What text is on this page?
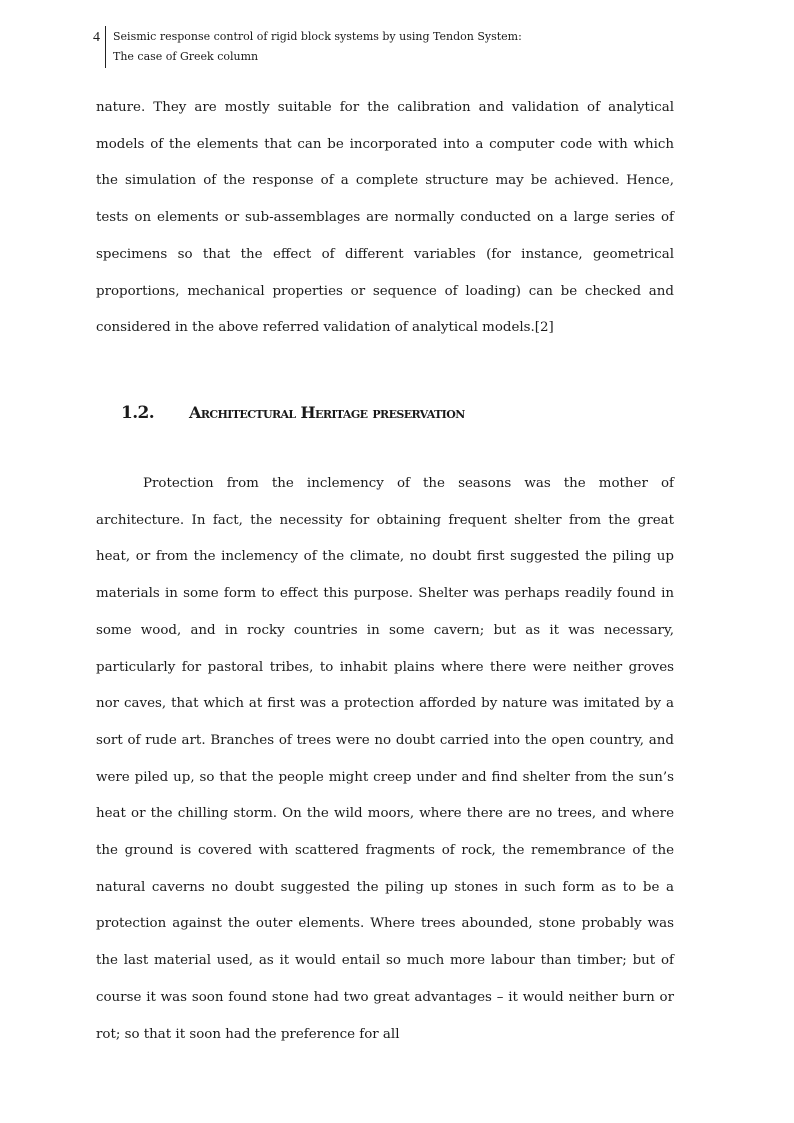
4 Seismic response control of rigid block systems by using Tendon System:
The case of Greek column

nature. They are mostly suitable for the calibration and validation of analytical models of the elements that can be incorporated into a computer code with which the simulation of the response of a complete structure may be achieved. Hence, tests on elements or sub-assemblages are normally conducted on a large series of specimens so that the effect of different variables (for instance, geometrical proportions, mechanical properties or sequence of loading) can be checked and considered in the above referred validation of analytical models.[2]

1.2. Architectural Heritage preservation

Protection from the inclemency of the seasons was the mother of architecture. In fact, the necessity for obtaining frequent shelter from the great heat, or from the inclemency of the climate, no doubt first suggested the piling up materials in some form to effect this purpose. Shelter was perhaps readily found in some wood, and in rocky countries in some cavern; but as it was necessary, particularly for pastoral tribes, to inhabit plains where there were neither groves nor caves, that which at first was a protection afforded by nature was imitated by a sort of rude art. Branches of trees were no doubt carried into the open country, and were piled up, so that the people might creep under and find shelter from the sun’s heat or the chilling storm. On the wild moors, where there are no trees, and where the ground is covered with scattered fragments of rock, the remembrance of the natural caverns no doubt suggested the piling up stones in such form as to be a protection against the outer elements. Where trees abounded, stone probably was the last material used, as it would entail so much more labour than timber; but of course it was soon found stone had two great advantages – it would neither burn or rot; so that it soon had the preference for all
